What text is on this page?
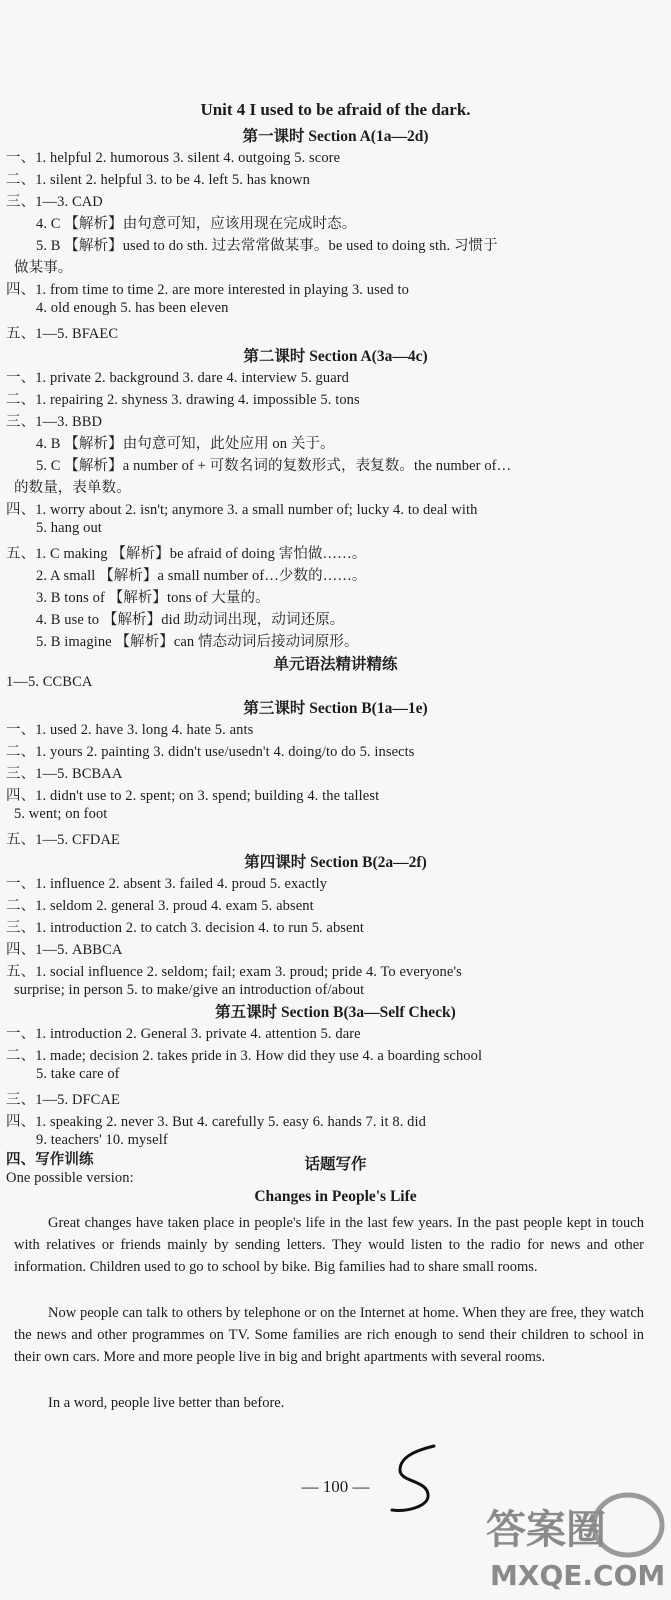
Unit 4 I used to be afraid of the dark.
第一课时 Section A(1a—2d)
一、1. helpful 2. humorous 3. silent 4. outgoing 5. score
二、1. silent 2. helpful 3. to be 4. left 5. has known
三、1—3. CAD
4. C 【解析】由句意可知，应该用现在完成时态。
5. B 【解析】used to do sth. 过去常常做某事。be used to doing sth. 习惯于
做某事。
四、1. from time to time 2. are more interested in playing 3. used to
4. old enough 5. has been eleven
五、1—5. BFAEC
第二课时 Section A(3a—4c)
一、1. private 2. background 3. dare 4. interview 5. guard
二、1. repairing 2. shyness 3. drawing 4. impossible 5. tons
三、1—3. BBD
4. B 【解析】由句意可知，此处应用 on 关于。
5. C 【解析】a number of + 可数名词的复数形式，表复数。the number of…
的数量，表单数。
四、1. worry about 2. isn't; anymore 3. a small number of; lucky 4. to deal with
5. hang out
五、1. C making 【解析】be afraid of doing 害怕做……。
2. A small 【解析】a small number of…少数的……。
3. B tons of 【解析】tons of 大量的。
4. B use to 【解析】did 助动词出现，动词还原。
5. B imagine 【解析】can 情态动词后接动词原形。
单元语法精讲精练
1—5. CCBCA
第三课时 Section B(1a—1e)
一、1. used 2. have 3. long 4. hate 5. ants
二、1. yours 2. painting 3. didn't use/usedn't 4. doing/to do 5. insects
三、1—5. BCBAA
四、1. didn't use to 2. spent; on 3. spend; building 4. the tallest
5. went; on foot
五、1—5. CFDAE
第四课时 Section B(2a—2f)
一、1. influence 2. absent 3. failed 4. proud 5. exactly
二、1. seldom 2. general 3. proud 4. exam 5. absent
三、1. introduction 2. to catch 3. decision 4. to run 5. absent
四、1—5. ABBCA
五、1. social influence 2. seldom; fail; exam 3. proud; pride 4. To everyone's
surprise; in person 5. to make/give an introduction of/about
第五课时 Section B(3a—Self Check)
一、1. introduction 2. General 3. private 4. attention 5. dare
二、1. made; decision 2. takes pride in 3. How did they use 4. a boarding school
5. take care of
三、1—5. DFCAE
四、1. speaking 2. never 3. But 4. carefully 5. easy 6. hands 7. it 8. did
9. teachers' 10. myself
话题写作
四、写作训练
One possible version:
Changes in People's Life
Great changes have taken place in people's life in the last few years. In the past people kept in touch with relatives or friends mainly by sending letters. They would listen to the radio for news and other information. Children used to go to school by bike. Big families had to share small rooms.
Now people can talk to others by telephone or on the Internet at home. When they are free, they watch the news and other programmes on TV. Some families are rich enough to send their children to school in their own cars. More and more people live in big and bright apartments with several rooms.
In a word, people live better than before.
— 100 —
答案圈
MXQE.COM
